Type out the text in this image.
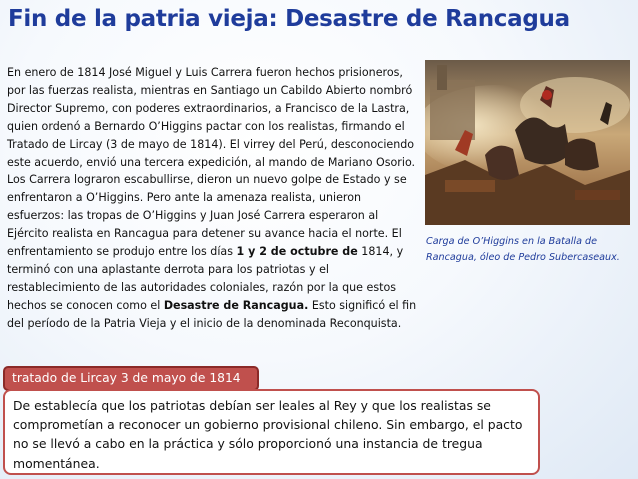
Fin de la patria vieja: Desastre de Rancagua
En enero de 1814 José Miguel y Luis Carrera fueron hechos prisioneros, por las fuerzas realista, mientras en Santiago un Cabildo Abierto nombró Director Supremo, con poderes extraordinarios, a Francisco de la Lastra, quien ordenó a Bernardo O’Higgins pactar con los realistas, firmando el Tratado de Lircay (3 de mayo de 1814). El virrey del Perú, desconociendo este acuerdo, envió una tercera expedición, al mando de Mariano Osorio. Los Carrera lograron escabullirse, dieron un nuevo golpe de Estado y se enfrentaron a O’Higgins. Pero ante la amenaza realista, unieron esfuerzos: las tropas de O’Higgins y Juan José Carrera esperaron al Ejército realista en Rancagua para detener su avance hacia el norte. El enfrentamiento se produjo entre los días 1 y 2 de octubre de 1814, y terminó con una aplastante derrota para los patriotas y el restablecimiento de las autoridades coloniales, razón por la que estos hechos se conocen como el Desastre de Rancagua. Esto significó el fin del período de la Patria Vieja y el inicio de la denominada Reconquista.
Carga de O’Higgins en la Batalla de Rancagua, óleo de Pedro Subercaseaux.
tratado de Lircay 3 de mayo de 1814
De establecía que los patriotas debían ser leales al Rey y que los realistas se comprometían a reconocer un gobierno provisional chileno. Sin embargo, el pacto no se llevó a cabo en la práctica y sólo proporcionó una instancia de tregua momentánea.
